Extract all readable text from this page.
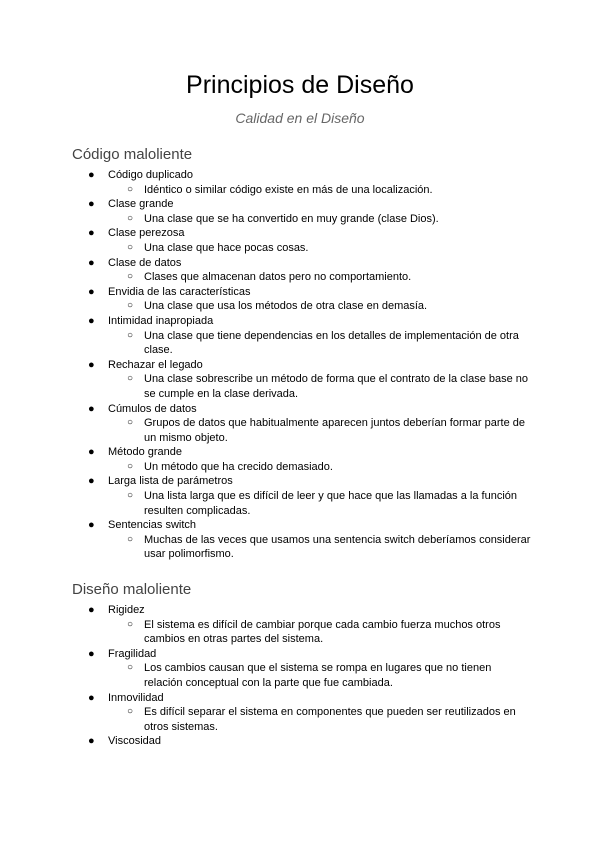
Principios de Diseño
Calidad en el Diseño
Código maloliente
● Código duplicado
○ Idéntico o similar código existe en más de una localización.
● Clase grande
○ Una clase que se ha convertido en muy grande (clase Dios).
● Clase perezosa
○ Una clase que hace pocas cosas.
● Clase de datos
○ Clases que almacenan datos pero no comportamiento.
● Envidia de las características
○ Una clase que usa los métodos de otra clase en demasía.
● Intimidad inapropiada
○ Una clase que tiene dependencias en los detalles de implementación de otra clase.
● Rechazar el legado
○ Una clase sobrescribe un método de forma que el contrato de la clase base no se cumple en la clase derivada.
● Cúmulos de datos
○ Grupos de datos que habitualmente aparecen juntos deberían formar parte de un mismo objeto.
● Método grande
○ Un método que ha crecido demasiado.
● Larga lista de parámetros
○ Una lista larga que es difícil de leer y que hace que las llamadas a la función resulten complicadas.
● Sentencias switch
○ Muchas de las veces que usamos una sentencia switch deberíamos considerar usar polimorfismo.
Diseño maloliente
● Rigidez
○ El sistema es difícil de cambiar porque cada cambio fuerza muchos otros cambios en otras partes del sistema.
● Fragilidad
○ Los cambios causan que el sistema se rompa en lugares que no tienen relación conceptual con la parte que fue cambiada.
● Inmovilidad
○ Es difícil separar el sistema en componentes que pueden ser reutilizados en otros sistemas.
● Viscosidad
